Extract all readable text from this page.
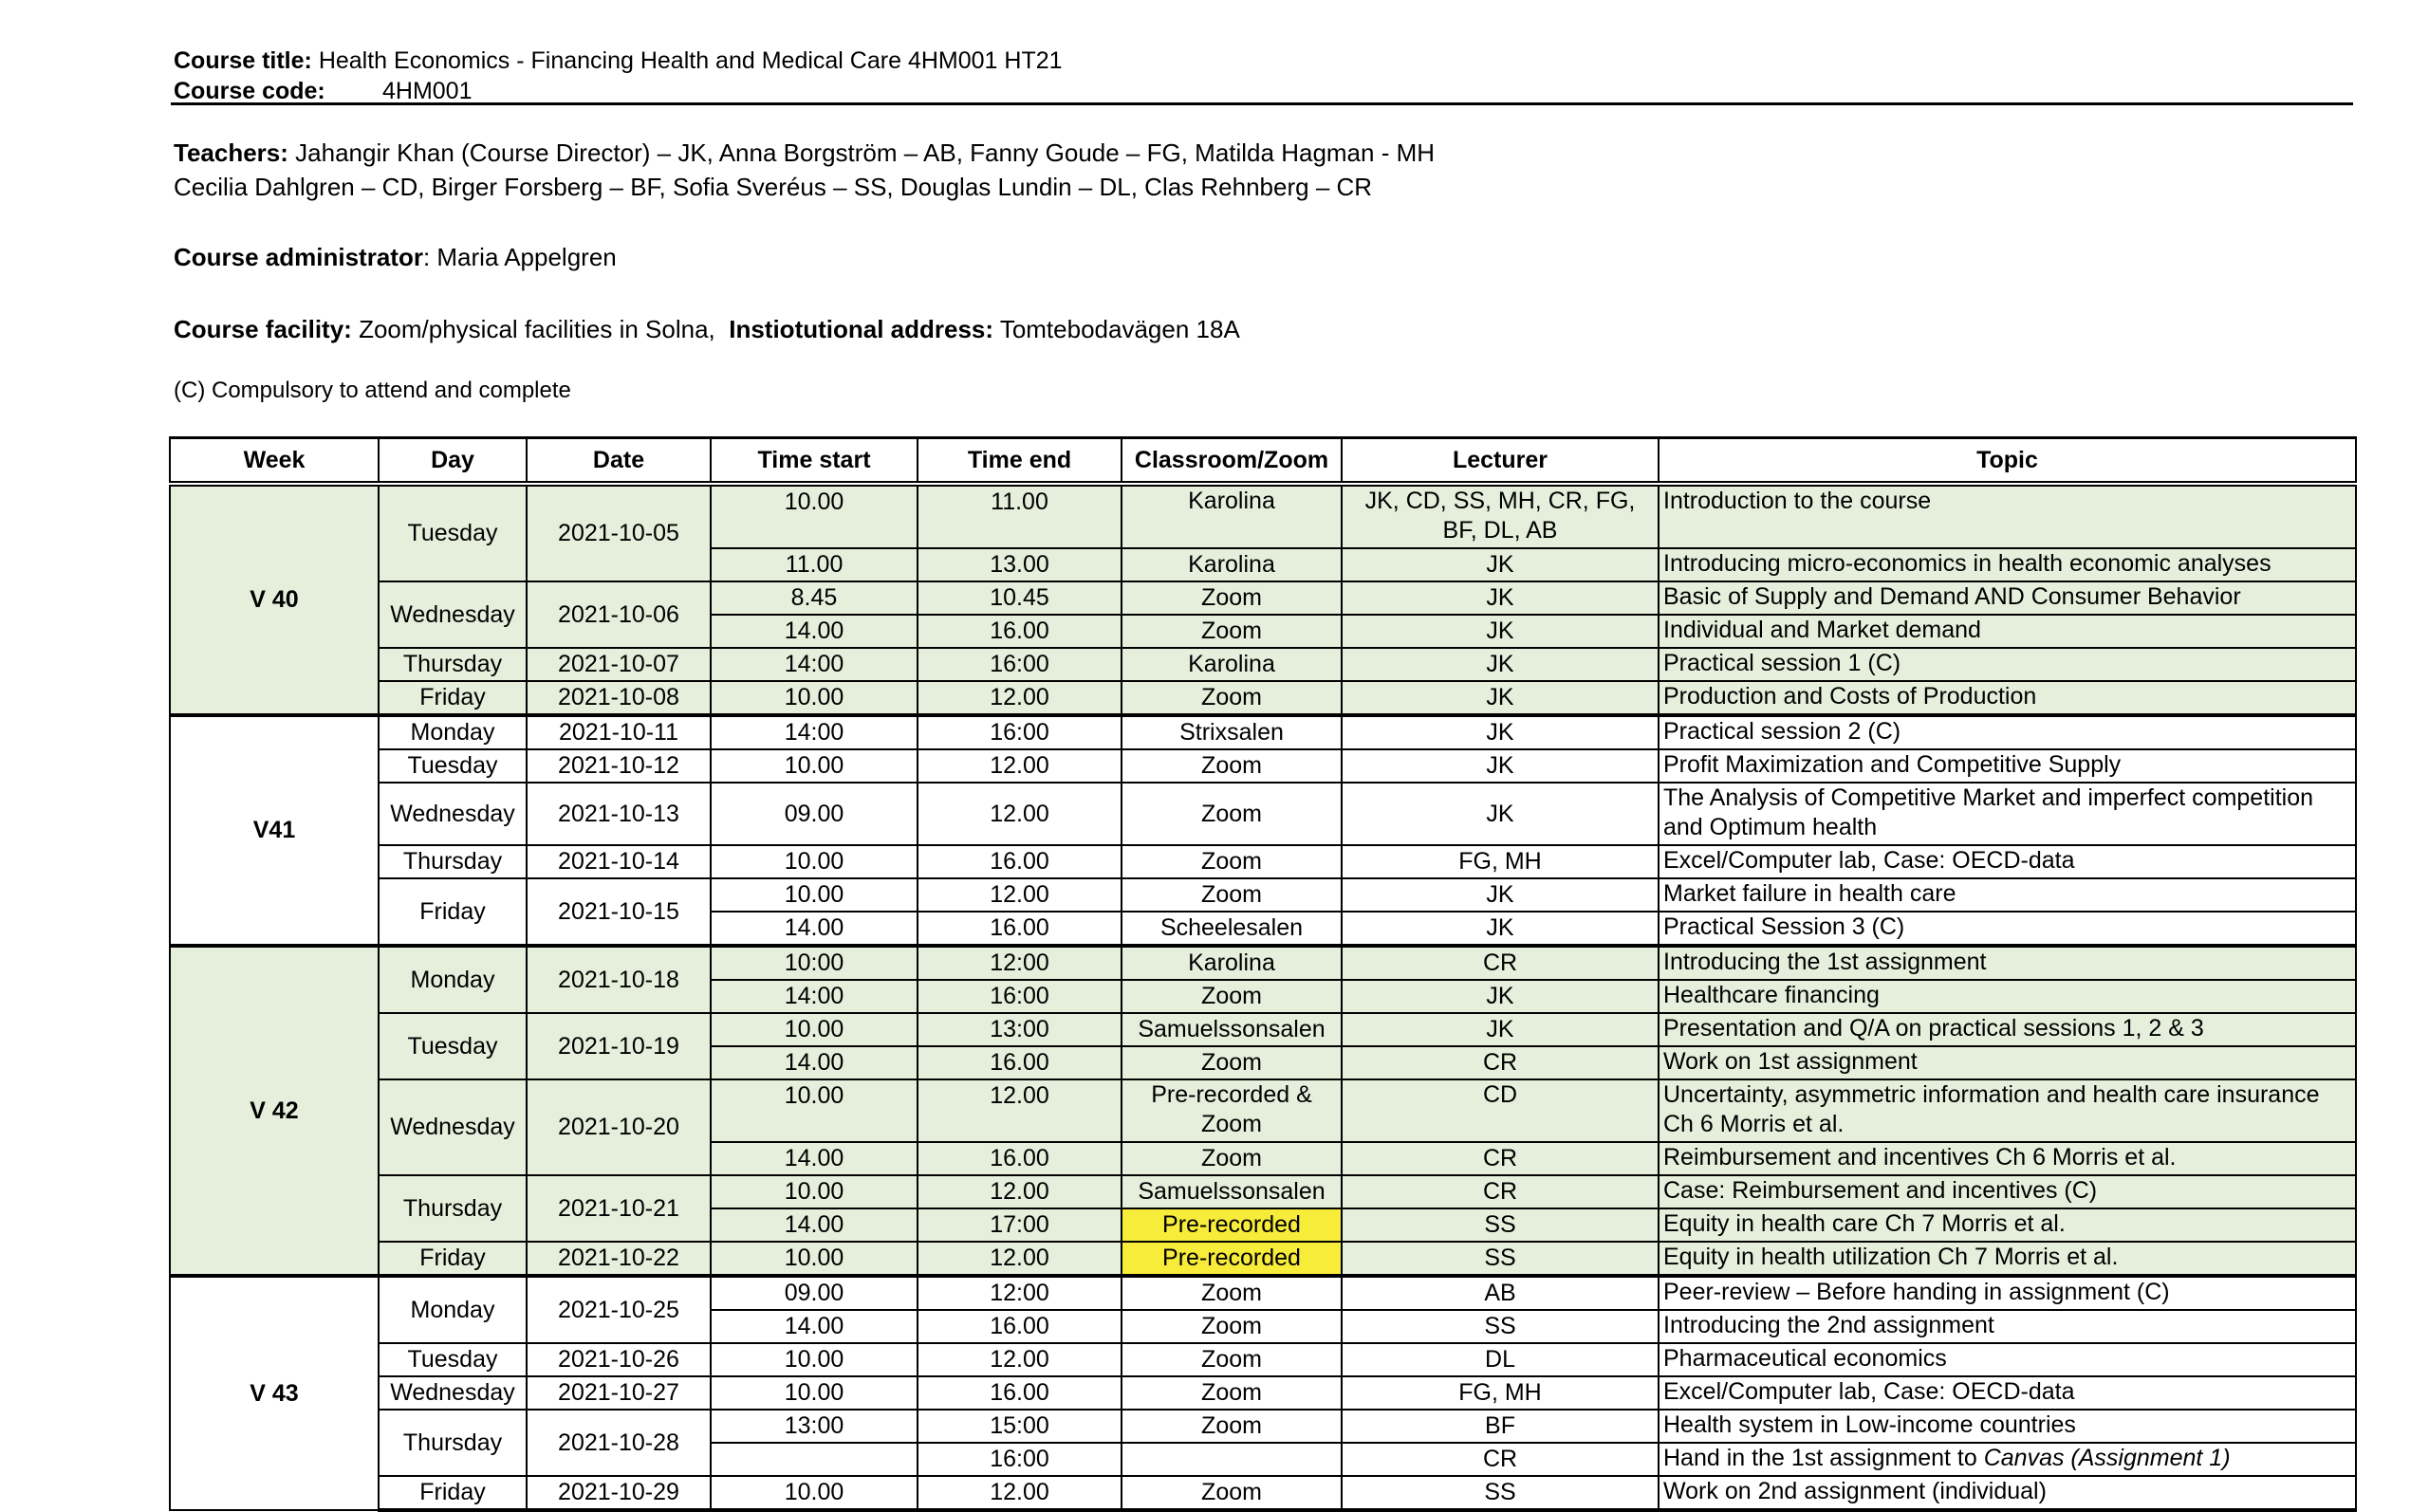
Course title: Health Economics - Financing Health and Medical Care 4HM001 HT21
Course code: 4HM001
Teachers: Jahangir Khan (Course Director) – JK, Anna Borgström – AB, Fanny Goude – FG, Matilda Hagman - MH
Cecilia Dahlgren – CD, Birger Forsberg – BF, Sofia Sveréus – SS, Douglas Lundin – DL, Clas Rehnberg – CR
Course administrator: Maria Appelgren
Course facility: Zoom/physical facilities in Solna, Instiotutional address: Tomtebodavägen 18A
(C) Compulsory to attend and complete
Week	Day	Date	Time start	Time end	Classroom/Zoom	Lecturer	Topic
V 40	Tuesday	2021-10-05	10.00	11.00	Karolina	JK, CD, SS, MH, CR, FG, BF, DL, AB	Introduction to the course
			11.00	13.00	Karolina	JK	Introducing micro-economics in health economic analyses
	Wednesday	2021-10-06	8.45	10.45	Zoom	JK	Basic of Supply and Demand AND Consumer Behavior
			14.00	16.00	Zoom	JK	Individual and Market demand
	Thursday	2021-10-07	14:00	16:00	Karolina	JK	Practical session 1 (C)
	Friday	2021-10-08	10.00	12.00	Zoom	JK	Production and Costs of Production
V41	Monday	2021-10-11	14:00	16:00	Strixsalen	JK	Practical session 2 (C)
	Tuesday	2021-10-12	10.00	12.00	Zoom	JK	Profit Maximization and Competitive Supply
	Wednesday	2021-10-13	09.00	12.00	Zoom	JK	The Analysis of Competitive Market and imperfect competition and Optimum health
	Thursday	2021-10-14	10.00	16.00	Zoom	FG, MH	Excel/Computer lab, Case: OECD-data
	Friday	2021-10-15	10.00	12.00	Zoom	JK	Market failure in health care
			14.00	16.00	Scheelesalen	JK	Practical Session 3 (C)
V 42	Monday	2021-10-18	10:00	12:00	Karolina	CR	Introducing the 1st assignment
			14:00	16:00	Zoom	JK	Healthcare financing
	Tuesday	2021-10-19	10.00	13:00	Samuelssonsalen	JK	Presentation and Q/A on practical sessions 1, 2 & 3
			14.00	16.00	Zoom	CR	Work on 1st assignment
	Wednesday	2021-10-20	10.00	12.00	Pre-recorded & Zoom	CD	Uncertainty, asymmetric information and health care insurance Ch 6 Morris et al.
			14.00	16.00	Zoom	CR	Reimbursement and incentives Ch 6 Morris et al.
	Thursday	2021-10-21	10.00	12.00	Samuelssonsalen	CR	Case: Reimbursement and incentives (C)
			14.00	17:00	Pre-recorded	SS	Equity in health care Ch 7 Morris et al.
	Friday	2021-10-22	10.00	12.00	Pre-recorded	SS	Equity in health utilization Ch 7 Morris et al.
V 43	Monday	2021-10-25	09.00	12:00	Zoom	AB	Peer-review – Before handing in assignment (C)
			14.00	16.00	Zoom	SS	Introducing the 2nd assignment
	Tuesday	2021-10-26	10.00	12.00	Zoom	DL	Pharmaceutical economics
	Wednesday	2021-10-27	10.00	16.00	Zoom	FG, MH	Excel/Computer lab, Case: OECD-data
	Thursday	2021-10-28	13:00	15:00	Zoom	BF	Health system in Low-income countries
				16:00		CR	Hand in the 1st assignment to Canvas (Assignment 1)
	Friday	2021-10-29	10.00	12.00	Zoom	SS	Work on 2nd assignment (individual)
